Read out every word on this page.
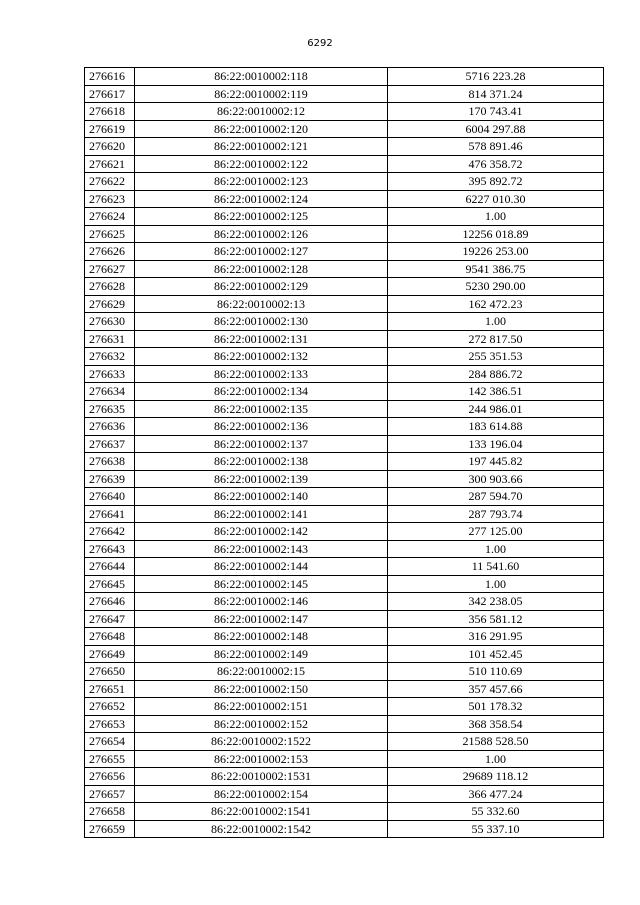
6292
276616	86:22:0010002:118	5716 223.28
276617	86:22:0010002:119	814 371.24
276618	86:22:0010002:12	170 743.41
276619	86:22:0010002:120	6004 297.88
276620	86:22:0010002:121	578 891.46
276621	86:22:0010002:122	476 358.72
276622	86:22:0010002:123	395 892.72
276623	86:22:0010002:124	6227 010.30
276624	86:22:0010002:125	1.00
276625	86:22:0010002:126	12256 018.89
276626	86:22:0010002:127	19226 253.00
276627	86:22:0010002:128	9541 386.75
276628	86:22:0010002:129	5230 290.00
276629	86:22:0010002:13	162 472.23
276630	86:22:0010002:130	1.00
276631	86:22:0010002:131	272 817.50
276632	86:22:0010002:132	255 351.53
276633	86:22:0010002:133	284 886.72
276634	86:22:0010002:134	142 386.51
276635	86:22:0010002:135	244 986.01
276636	86:22:0010002:136	183 614.88
276637	86:22:0010002:137	133 196.04
276638	86:22:0010002:138	197 445.82
276639	86:22:0010002:139	300 903.66
276640	86:22:0010002:140	287 594.70
276641	86:22:0010002:141	287 793.74
276642	86:22:0010002:142	277 125.00
276643	86:22:0010002:143	1.00
276644	86:22:0010002:144	11 541.60
276645	86:22:0010002:145	1.00
276646	86:22:0010002:146	342 238.05
276647	86:22:0010002:147	356 581.12
276648	86:22:0010002:148	316 291.95
276649	86:22:0010002:149	101 452.45
276650	86:22:0010002:15	510 110.69
276651	86:22:0010002:150	357 457.66
276652	86:22:0010002:151	501 178.32
276653	86:22:0010002:152	368 358.54
276654	86:22:0010002:1522	21588 528.50
276655	86:22:0010002:153	1.00
276656	86:22:0010002:1531	29689 118.12
276657	86:22:0010002:154	366 477.24
276658	86:22:0010002:1541	55 332.60
276659	86:22:0010002:1542	55 337.10
